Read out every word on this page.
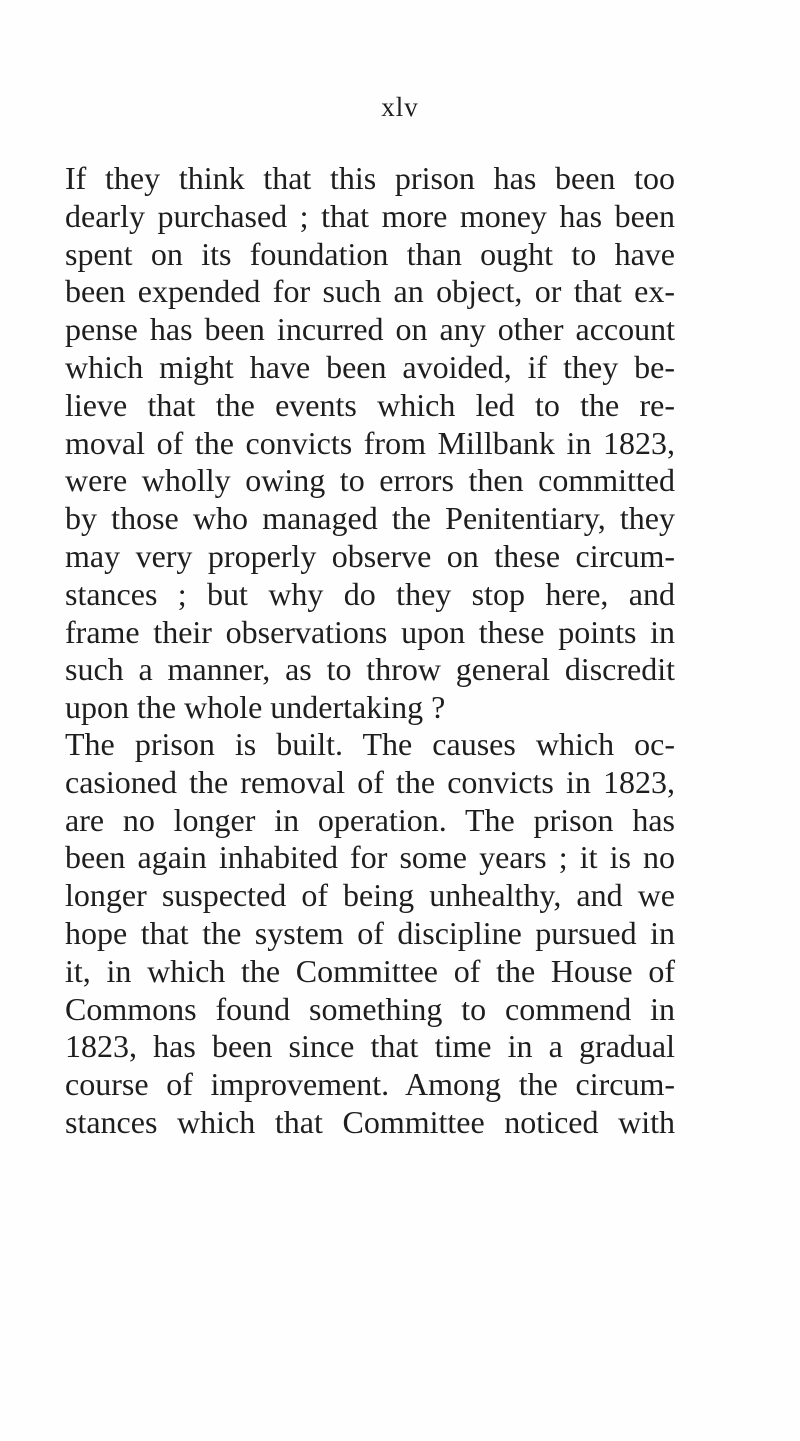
xlv
If they think that this prison has been too
dearly purchased ; that more money has been
spent on its foundation than ought to have
been expended for such an object, or that ex-
pense has been incurred on any other account
which might have been avoided, if they be-
lieve that the events which led to the re-
moval of the convicts from Millbank in 1823,
were wholly owing to errors then committed
by those who managed the Penitentiary, they
may very properly observe on these circum-
stances ; but why do they stop here, and
frame their observations upon these points in
such a manner, as to throw general discredit
upon the whole undertaking ?
The prison is built. The causes which oc-
casioned the removal of the convicts in 1823,
are no longer in operation. The prison has
been again inhabited for some years ; it is no
longer suspected of being unhealthy, and we
hope that the system of discipline pursued in
it, in which the Committee of the House of
Commons found something to commend in
1823, has been since that time in a gradual
course of improvement. Among the circum-
stances which that Committee noticed with
